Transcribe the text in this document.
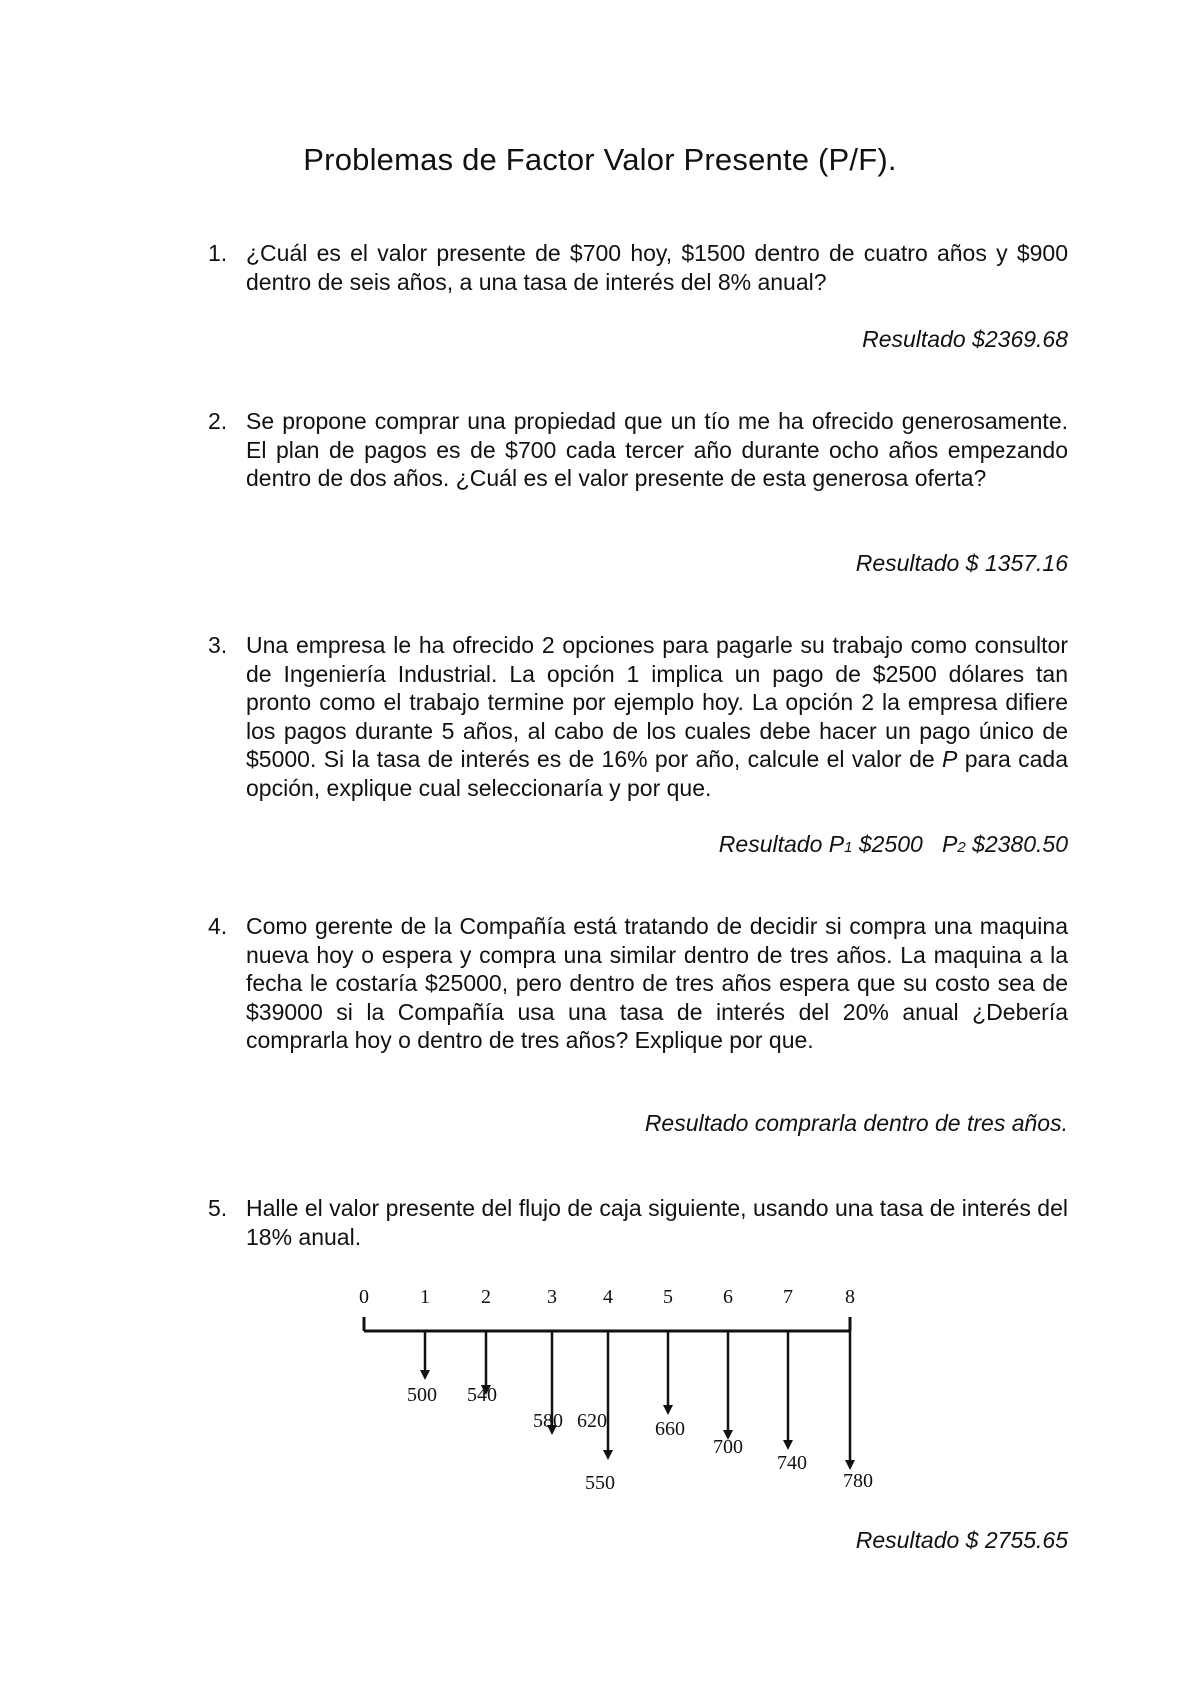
Problemas de Factor Valor Presente (P/F).
1. ¿Cuál es el valor presente de $700 hoy, $1500 dentro de cuatro años y $900 dentro de seis años, a una tasa de interés del 8% anual?
Resultado $2369.68
2. Se propone comprar una propiedad que un tío me ha ofrecido generosamente. El plan de pagos es de $700 cada tercer año durante ocho años empezando dentro de dos años. ¿Cuál es el valor presente de esta generosa oferta?
Resultado $ 1357.16
3. Una empresa le ha ofrecido 2 opciones para pagarle su trabajo como consultor de Ingeniería Industrial. La opción 1 implica un pago de $2500 dólares tan pronto como el trabajo termine por ejemplo hoy. La opción 2 la empresa difiere los pagos durante 5 años, al cabo de los cuales debe hacer un pago único de $5000. Si la tasa de interés es de 16% por año, calcule el valor de P para cada opción, explique cual seleccionaría y por que.
Resultado P1 $2500 P2 $2380.50
4. Como gerente de la Compañía está tratando de decidir si compra una maquina nueva hoy o espera y compra una similar dentro de tres años. La maquina a la fecha le costaría $25000, pero dentro de tres años espera que su costo sea de $39000 si la Compañía usa una tasa de interés del 20% anual ¿Debería comprarla hoy o dentro de tres años? Explique por que.
Resultado comprarla dentro de tres años.
5. Halle el valor presente del flujo de caja siguiente, usando una tasa de interés del 18% anual.
0	1	2	3 4	5	6	7	8
500 540
580 620 660
700
740
780
550
Resultado $ 2755.65
